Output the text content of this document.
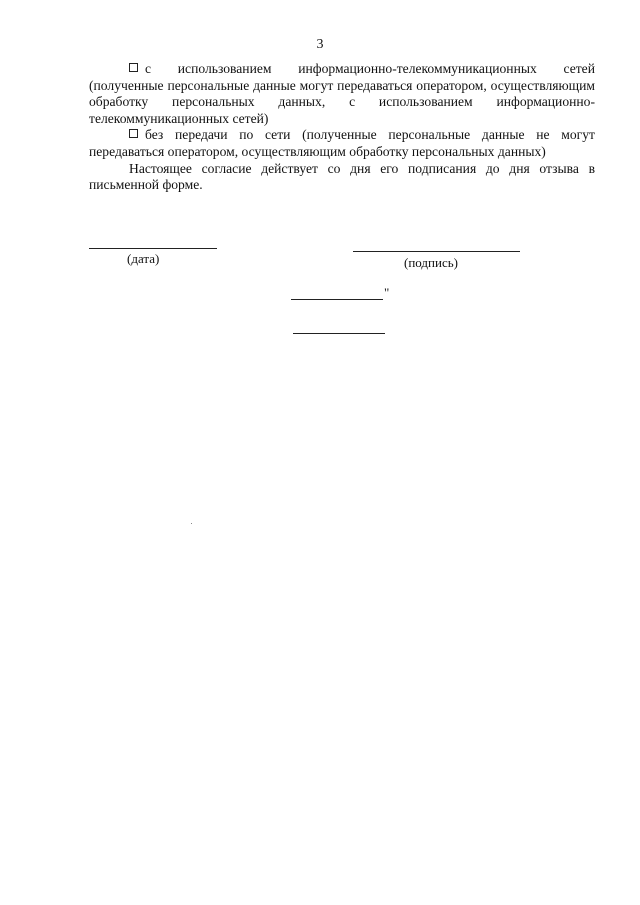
3

с использованием информационно-телекоммуникационных сетей (полученные персональные данные могут передаваться оператором, осуществляющим обработку персональных данных, с использованием информационно-телекоммуникационных сетей)

без передачи по сети (полученные персональные данные не могут передаваться оператором, осуществляющим обработку персональных данных)

Настоящее согласие действует со дня его подписания до дня отзыва в письменной форме.

(дата)	(подпись)
"
